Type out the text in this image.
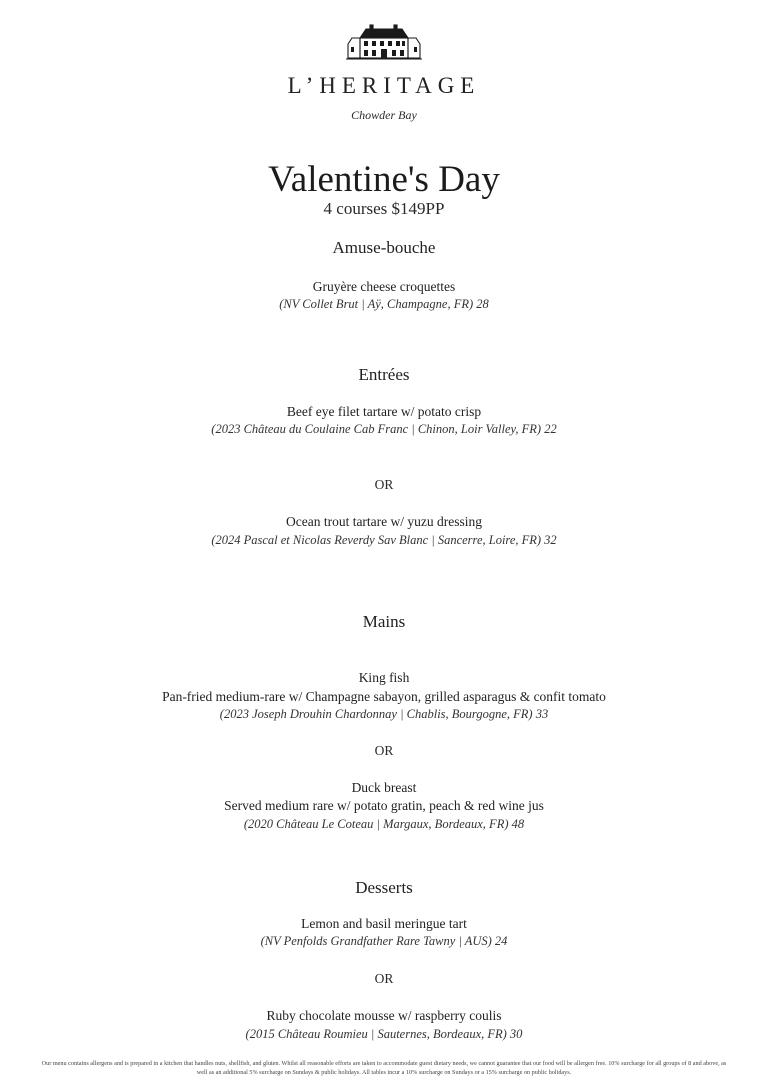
L’HERITAGE
Chowder Bay
Valentine's Day
4 courses $149PP
Amuse-bouche
Gruyère cheese croquettes
(NV Collet Brut | Aÿ, Champagne, FR) 28
Entrées
Beef eye filet tartare w/ potato crisp
(2023 Château du Coulaine Cab Franc | Chinon, Loir Valley, FR) 22
OR
Ocean trout tartare w/ yuzu dressing
(2024 Pascal et Nicolas Reverdy Sav Blanc | Sancerre, Loire, FR) 32
Mains
King fish
Pan-fried medium-rare w/ Champagne sabayon, grilled asparagus & confit tomato
(2023 Joseph Drouhin Chardonnay | Chablis, Bourgogne, FR) 33
OR
Duck breast
Served medium rare w/ potato gratin, peach & red wine jus
(2020 Château Le Coteau | Margaux, Bordeaux, FR) 48
Desserts
Lemon and basil meringue tart
(NV Penfolds Grandfather Rare Tawny | AUS) 24
OR
Ruby chocolate mousse w/ raspberry coulis
(2015 Château Roumieu | Sauternes, Bordeaux, FR) 30
Our menu contains allergens and is prepared in a kitchen that handles nuts, shellfish, and gluten. Whilst all reasonable efforts are taken to accommodate guest dietary needs, we cannot guarantee that our food will be allergen free. 10% surcharge for all groups of 8 and above, as well as an additional 5% surcharge on Sundays & public holidays. All tables incur a 10% surcharge on Sundays or a 15% surcharge on public holidays.
